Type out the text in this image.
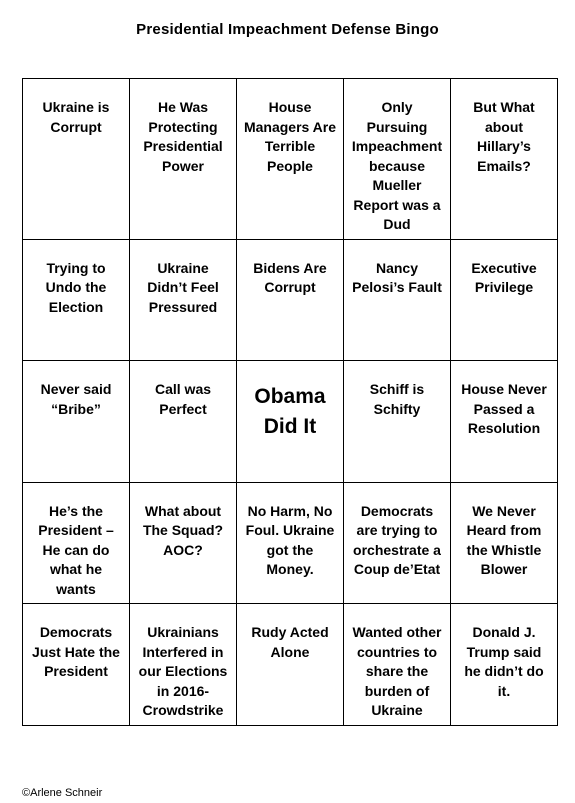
Presidential Impeachment Defense Bingo
Ukraine is Corrupt
He Was Protecting Presidential Power
House Managers Are Terrible People
Only Pursuing Impeachment because Mueller Report was a Dud
But What about Hillary’s Emails?
Trying to Undo the Election
Ukraine Didn’t Feel Pressured
Bidens Are Corrupt
Nancy Pelosi’s Fault
Executive Privilege
Never said “Bribe”
Call was Perfect
Obama Did It
Schiff is Schifty
House Never Passed a Resolution
He’s the President – He can do what he wants
What about The Squad? AOC?
No Harm, No Foul. Ukraine got the Money.
Democrats are trying to orchestrate a Coup de’Etat
We Never Heard from the Whistle Blower
Democrats Just Hate the President
Ukrainians Interfered in our Elections in 2016-Crowdstrike
Rudy Acted Alone
Wanted other countries to share the burden of Ukraine
Donald J. Trump said he didn’t do it.
©Arlene Schneir
